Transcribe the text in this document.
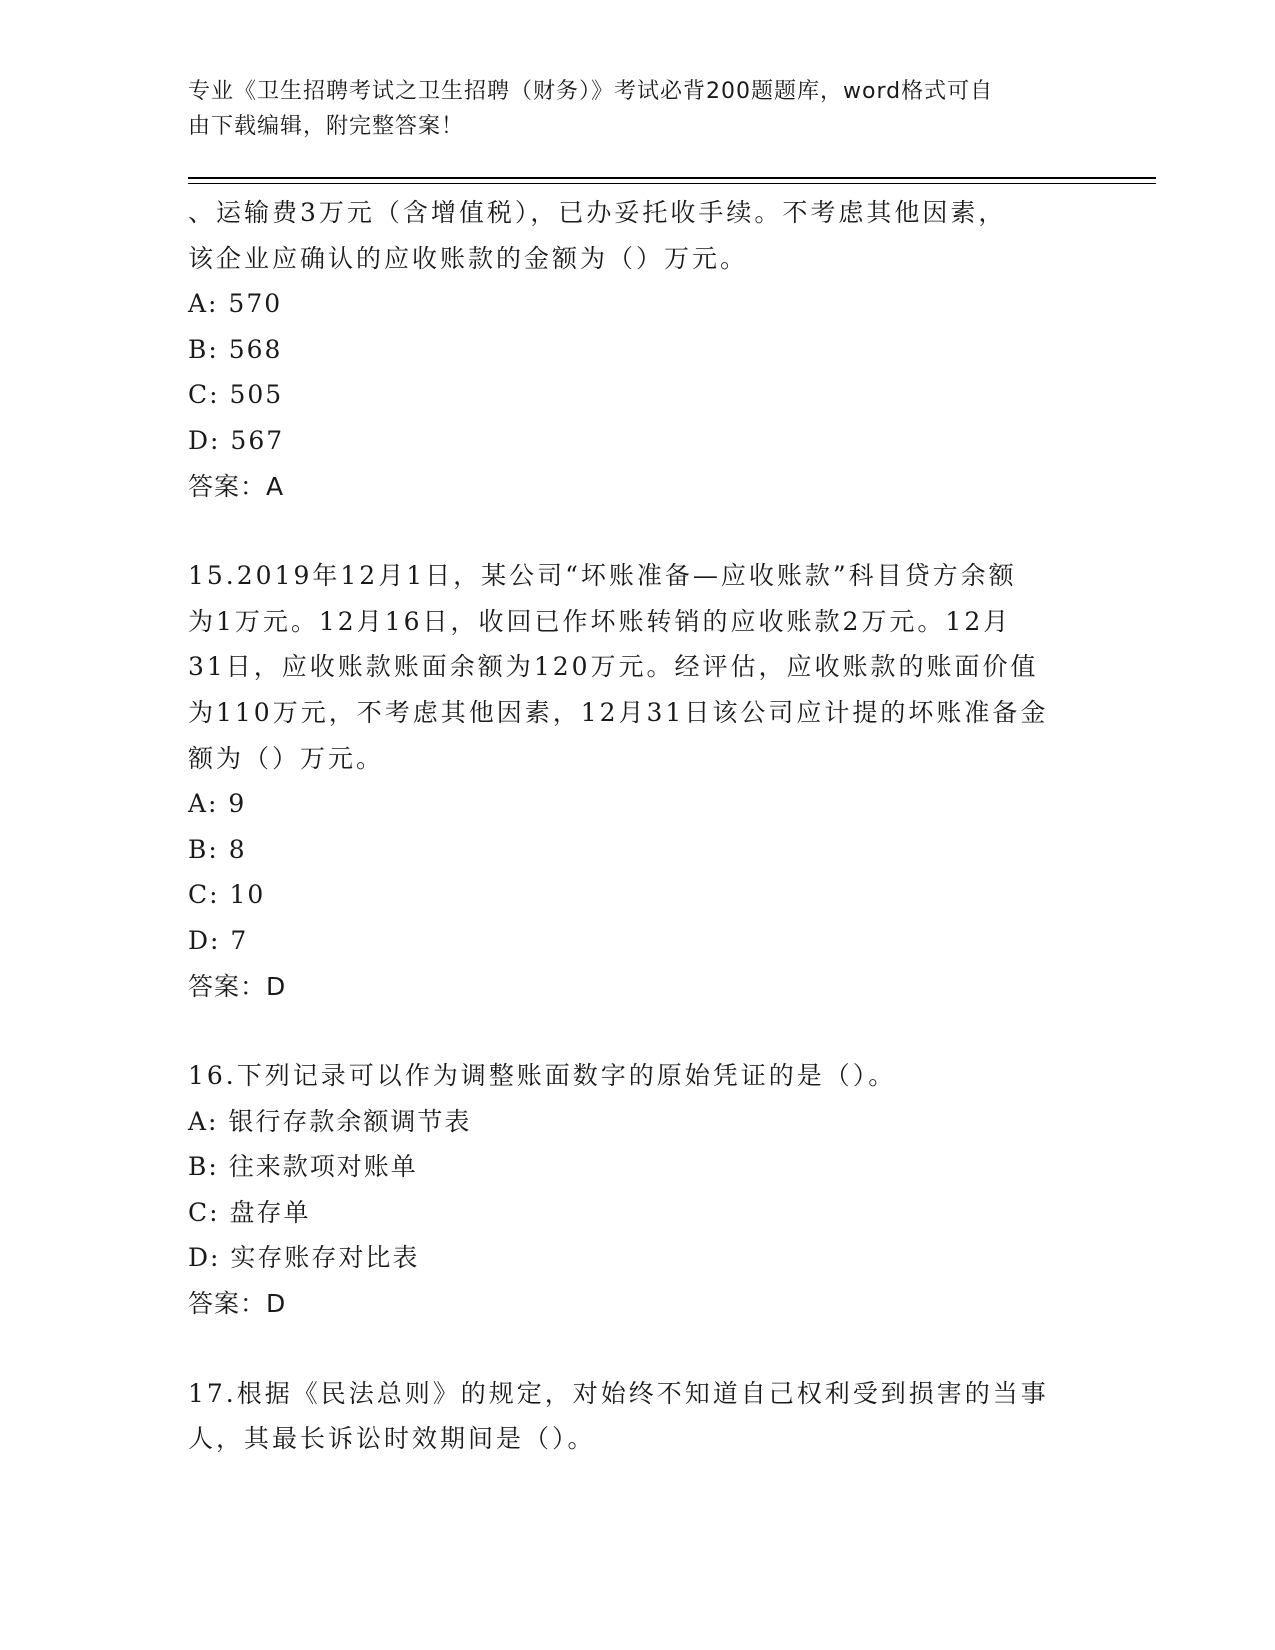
专业《卫生招聘考试之卫生招聘（财务）》考试必背200题题库，word格式可自
由下载编辑，附完整答案！
、运输费3万元（含增值税），已办妥托收手续。不考虑其他因素，
该企业应确认的应收账款的金额为（）万元。
A: 570
B: 568
C: 505
D: 567
答案：A
15.2019年12月1日，某公司“坏账准备—应收账款”科目贷方余额
为1万元。12月16日，收回已作坏账转销的应收账款2万元。12月
31日，应收账款账面余额为120万元。经评估，应收账款的账面价值
为110万元，不考虑其他因素，12月31日该公司应计提的坏账准备金
额为（）万元。
A: 9
B: 8
C: 10
D: 7
答案：D
16.下列记录可以作为调整账面数字的原始凭证的是（）。
A: 银行存款余额调节表
B: 往来款项对账单
C: 盘存单
D: 实存账存对比表
答案：D
17.根据《民法总则》的规定，对始终不知道自己权利受到损害的当事
人，其最长诉讼时效期间是（）。
